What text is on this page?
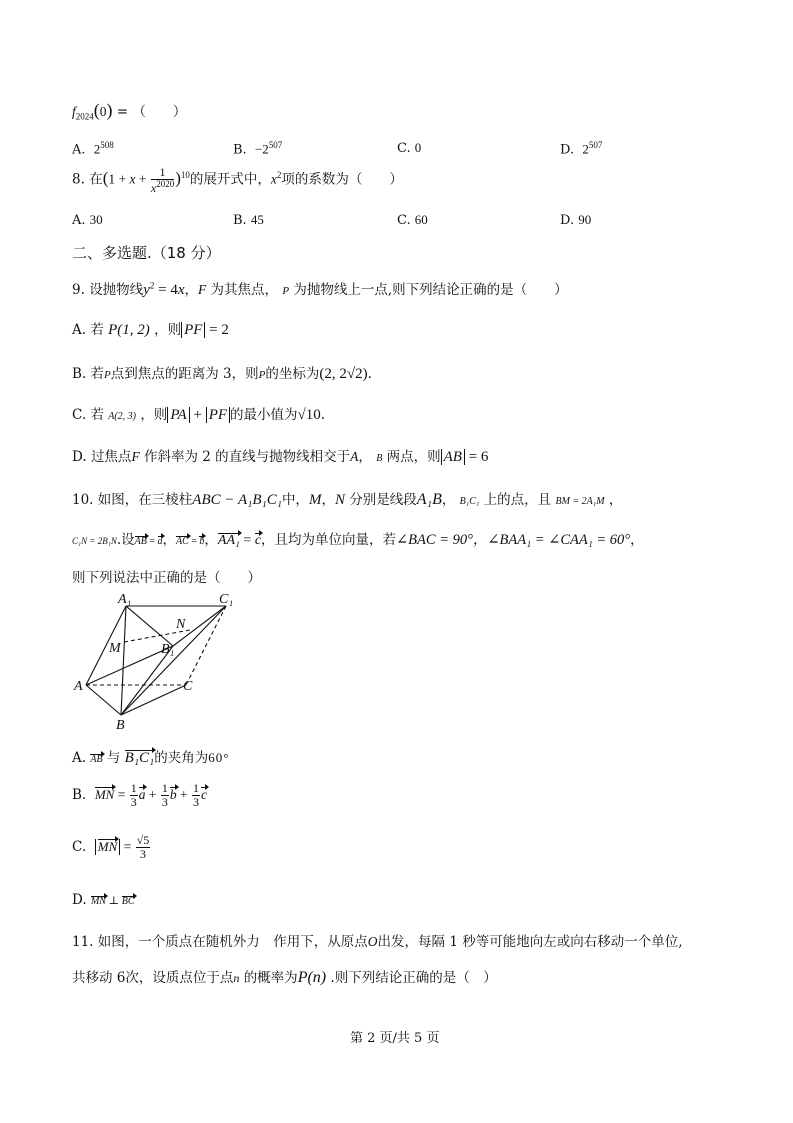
$f_{2024}(0)$ = （　　）
A. $2^{508}$	B. $-2^{507}$	C. 0	D. $2^{507}$
8. 在$(1 + x + \frac{1}{x^{2020}} )^{10}$的展开式中，$x^2$项的系数为（　　）
A. 30	B. 45	C. 60	D. 90
二、多选题.（18 分）
9. 设抛物线$y^2 = 4x$，F 为其焦点， P 为抛物线上一点,则下列结论正确的是（　　）
A. 若 P(1, 2) ，则 PF = 2
B. 若P点到焦点的距离为 3，则P的坐标为(2, 2√2).
C. 若 A(2, 3) ，则 PA + PF 的最小值为√10.
D. 过焦点F 作斜率为 2 的直线与抛物线相交于A， B 两点，则 AB = 6
10. 如图，在三棱柱ABC − A₁B₁C₁中，M，N 分别是线段A₁B， B₁C₁ 上的点，且 BM = 2A₁M ，
C₁N = 2B₁N.设AB = a，AC = b，AA₁ = c，且均为单位向量，若∠BAC = 90°，∠BAA₁ = ∠CAA₁ = 60°，
则下列说法中正确的是（　　）
A₁	C₁
N
M	B₁
A	C
B
A. AB 与 B₁C₁的夹角为60°
B. MN = $\frac{1}{3}$ $a + \frac{1}{3}$ $b + \frac{1}{3}$ c
C. MN = $\frac{√5}{3}$
D. MN ⊥ BC
11. 如图，一个质点在随机外力　作用下，从原点O出发，每隔 1 秒等可能地向左或向右移动一个单位,
共移动 6次，设质点位于点n 的概率为P(n) .则下列结论正确的是（　）
第 2 页/共 5 页
